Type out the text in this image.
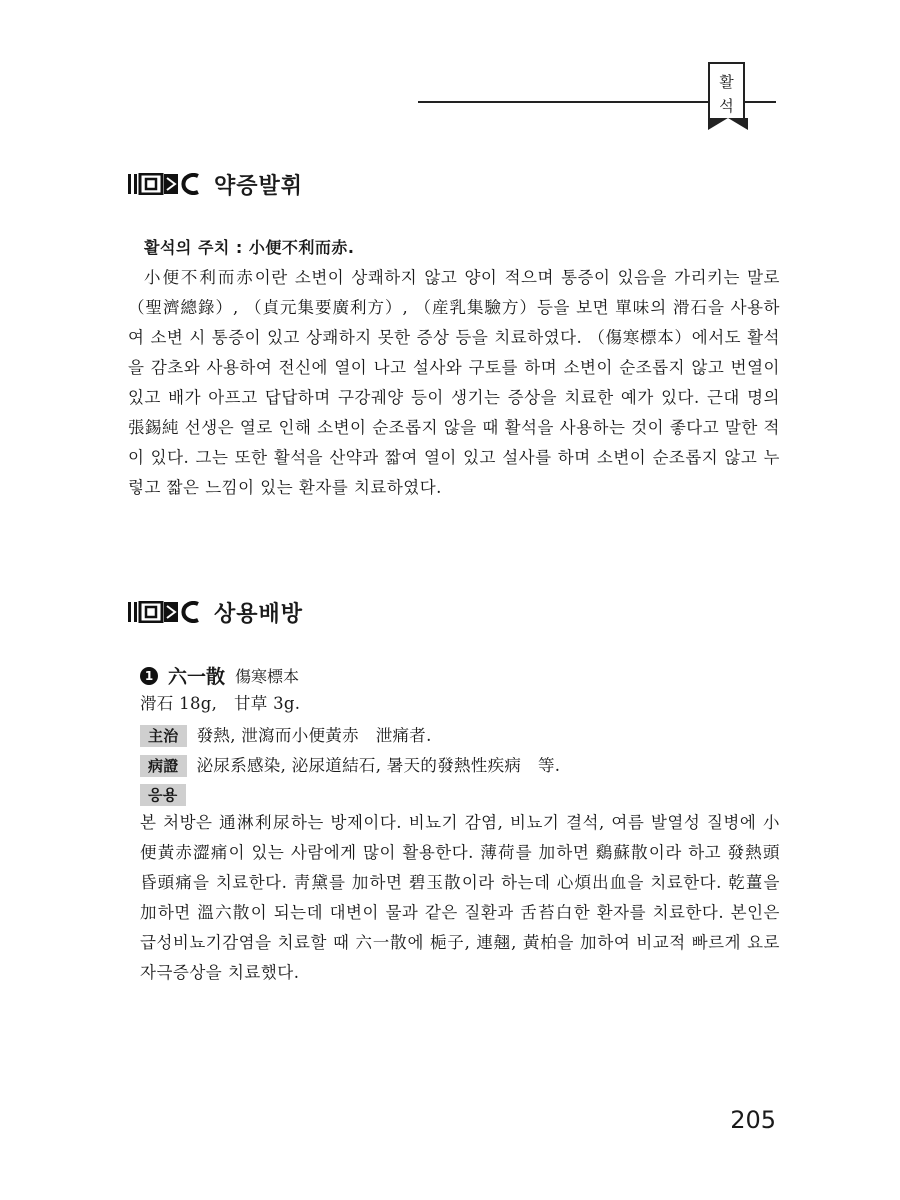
활
석
약증발휘

활석의 주치 : 小便不利而赤.

小便不利而赤이란 소변이 상쾌하지 않고 양이 적으며 통증이 있음을 가리키는 말로 （聖濟總錄）, （貞元集要廣利方）, （産乳集驗方）등을 보면 單味의 滑石을 사용하여 소변 시 통증이 있고 상쾌하지 못한 증상 등을 치료하였다. （傷寒標本）에서도 활석을 감초와 사용하여 전신에 열이 나고 설사와 구토를 하며 소변이 순조롭지 않고 번열이 있고 배가 아프고 답답하며 구강궤양 등이 생기는 증상을 치료한 예가 있다. 근대 명의 張錫純 선생은 열로 인해 소변이 순조롭지 않을 때 활석을 사용하는 것이 좋다고 말한 적이 있다. 그는 또한 활석을 산약과 짧여 열이 있고 설사를 하며 소변이 순조롭지 않고 누렇고 짧은 느낌이 있는 환자를 치료하였다.

상용배방
1 六一散 傷寒標本
滑石 18g,　甘草 3g.
主治 發熱, 泄瀉而小便黃赤　泄痛者.
病證 泌尿系感染, 泌尿道結石, 暑天的發熱性疾病　等.
응용

본 처방은 通淋利尿하는 방제이다. 비뇨기 감염, 비뇨기 결석, 여름 발열성 질병에 小便黃赤澀痛이 있는 사람에게 많이 활용한다. 薄荷를 加하면 鷄蘇散이라 하고 發熱頭昏頭痛을 치료한다. 靑黛를 加하면 碧玉散이라 하는데 心煩出血을 치료한다. 乾薑을 加하면 溫六散이 되는데 대변이 물과 같은 질환과 舌苔白한 환자를 치료한다. 본인은 급성비뇨기감염을 치료할 때 六一散에 梔子, 連翹, 黃柏을 加하여 비교적 빠르게 요로자극증상을 치료했다.

205
